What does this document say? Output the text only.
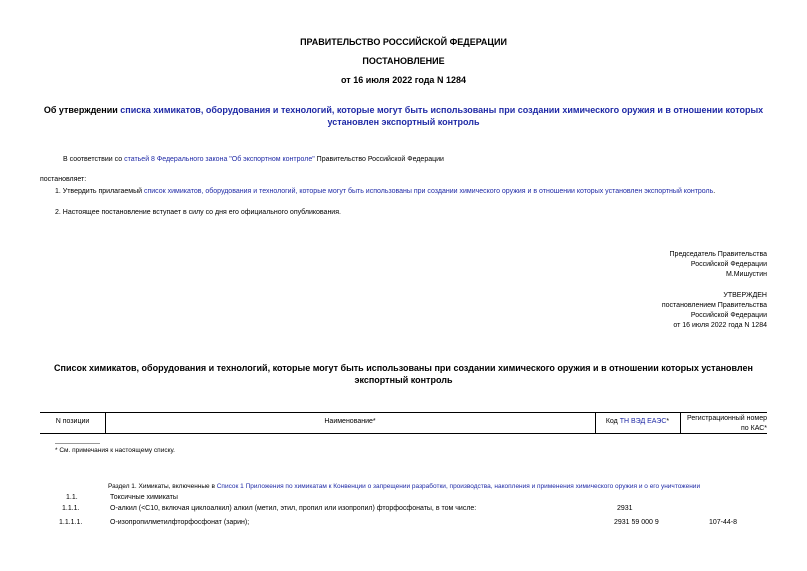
ПРАВИТЕЛЬСТВО РОССИЙСКОЙ ФЕДЕРАЦИИ
ПОСТАНОВЛЕНИЕ
от 16 июля 2022 года N 1284
Об утверждении списка химикатов, оборудования и технологий, которые могут быть использованы при создании химического оружия и в отношении которых
установлен экспортный контроль
В соответствии со статьей 8 Федерального закона "Об экспортном контроле" Правительство Российской Федерации
постановляет:
1. Утвердить прилагаемый список химикатов, оборудования и технологий, которые могут быть использованы при создании химического оружия и в отношении которых установлен экспортный контроль.
2. Настоящее постановление вступает в силу со дня его официального опубликования.
Председатель Правительства
Российской Федерации
М.Мишустин
УТВЕРЖДЕН
постановлением Правительства
Российской Федерации
от 16 июля 2022 года N 1284
Список химикатов, оборудования и технологий, которые могут быть использованы при создании химического оружия и в отношении которых установлен
экспортный контроль
N позиции	Наименование*	Код ТН ВЭД ЕАЭС*	Регистрационный номер
по КАС*
* См. примечания к настоящему списку.
Раздел 1. Химикаты, включенные в Список 1 Приложения по химикатам к Конвенции о запрещении разработки, производства, накопления и применения химического оружия и о его уничтожении
1.1.	Токсичные химикаты
1.1.1.	О-алкил (<С10, включая циклоалкил) алкил (метил, этил, пропил или изопропил) фторфосфонаты, в том числе:	2931
1.1.1.1.	О-изопропилметилфторфосфонат (зарин);	2931 59 000 9	107-44-8
